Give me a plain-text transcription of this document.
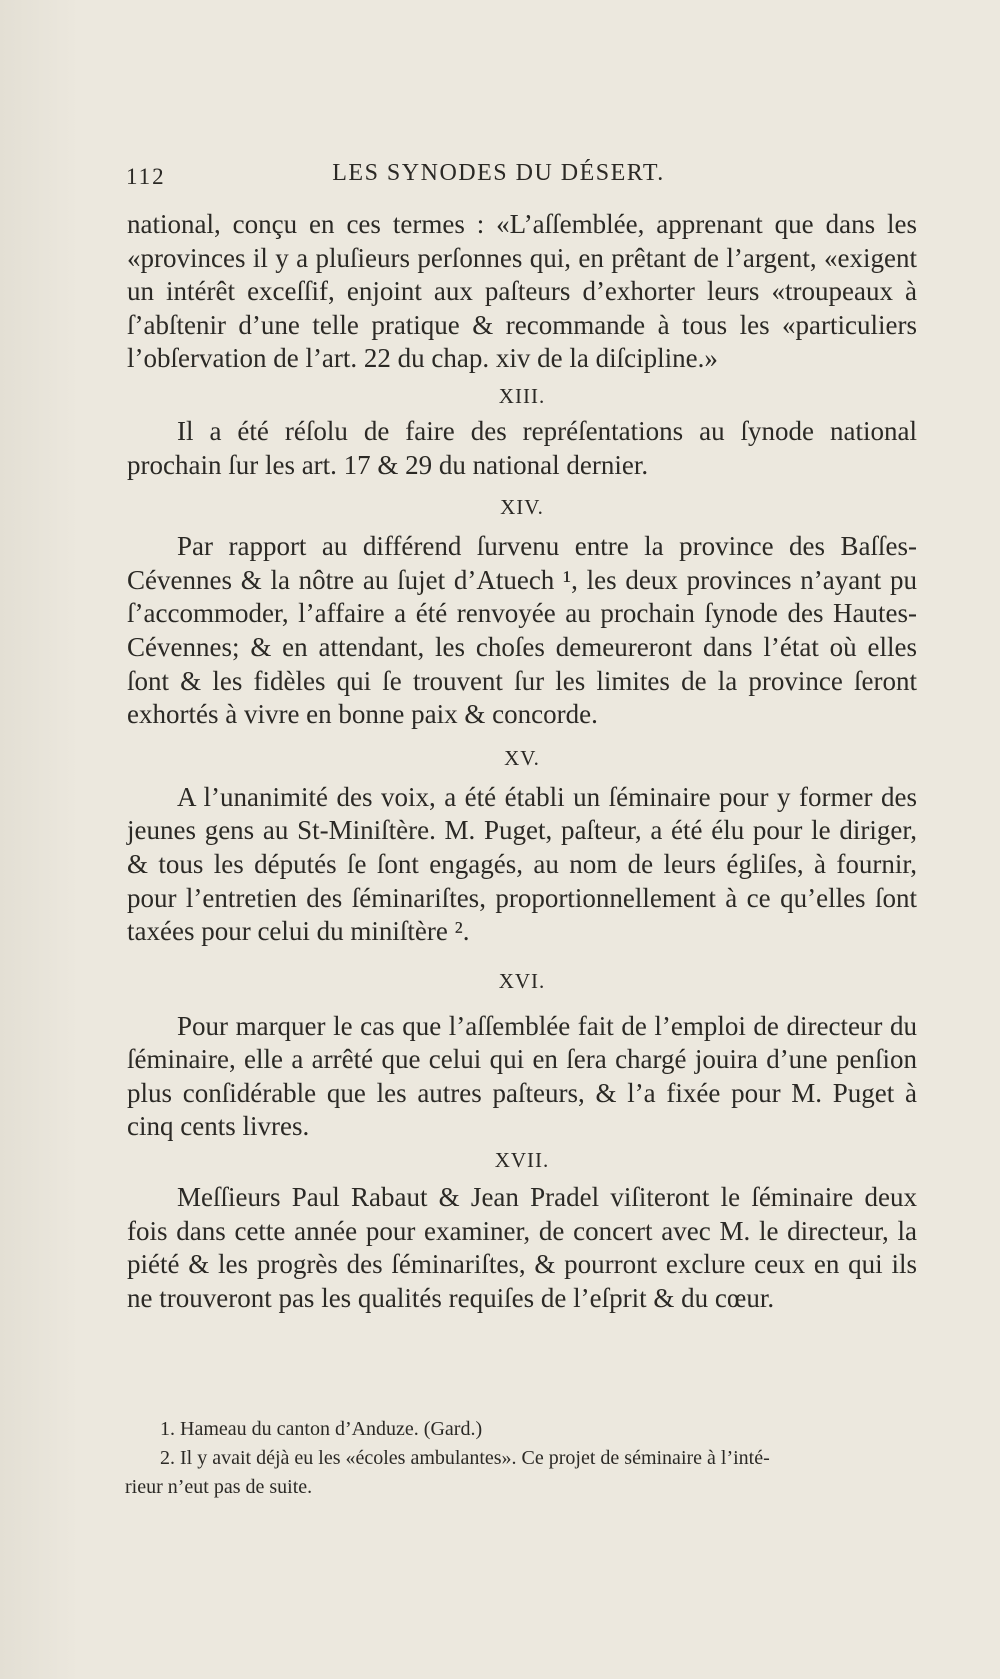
112	LES SYNODES DU DÉSERT.

national, conçu en ces termes : «L’aſſemblée, apprenant que dans les «provinces il y a pluſieurs perſonnes qui, en prêtant de l’argent, «exigent un intérêt exceſſif, enjoint aux paſteurs d’exhorter leurs «troupeaux à ſ’abſtenir d’une telle pratique & recommande à tous les «particuliers l’obſervation de l’art. 22 du chap. xiv de la diſcipline.»

XIII.

Il a été réſolu de faire des repréſentations au ſynode national prochain ſur les art. 17 & 29 du national dernier.

XIV.

Par rapport au différend ſurvenu entre la province des Baſſes-Cévennes & la nôtre au ſujet d’Atuech ¹, les deux provinces n’ayant pu ſ’accommoder, l’affaire a été renvoyée au prochain ſynode des Hautes-Cévennes; & en attendant, les choſes demeureront dans l’état où elles ſont & les fidèles qui ſe trouvent ſur les limites de la province ſeront exhortés à vivre en bonne paix & concorde.

XV.

A l’unanimité des voix, a été établi un ſéminaire pour y former des jeunes gens au St-Miniſtère. M. Puget, paſteur, a été élu pour le diriger, & tous les députés ſe ſont engagés, au nom de leurs égliſes, à fournir, pour l’entretien des ſéminariſtes, proportionnellement à ce qu’elles ſont taxées pour celui du miniſtère ².

XVI.

Pour marquer le cas que l’aſſemblée fait de l’emploi de directeur du ſéminaire, elle a arrêté que celui qui en ſera chargé jouira d’une penſion plus conſidérable que les autres paſteurs, & l’a fixée pour M. Puget à cinq cents livres.

XVII.

Meſſieurs Paul Rabaut & Jean Pradel viſiteront le ſéminaire deux fois dans cette année pour examiner, de concert avec M. le directeur, la piété & les progrès des ſéminariſtes, & pourront exclure ceux en qui ils ne trouveront pas les qualités requiſes de l’eſprit & du cœur.

1. Hameau du canton d’Anduze. (Gard.)

2. Il y avait déjà eu les «écoles ambulantes». Ce projet de séminaire à l’inté-

rieur n’eut pas de suite.
